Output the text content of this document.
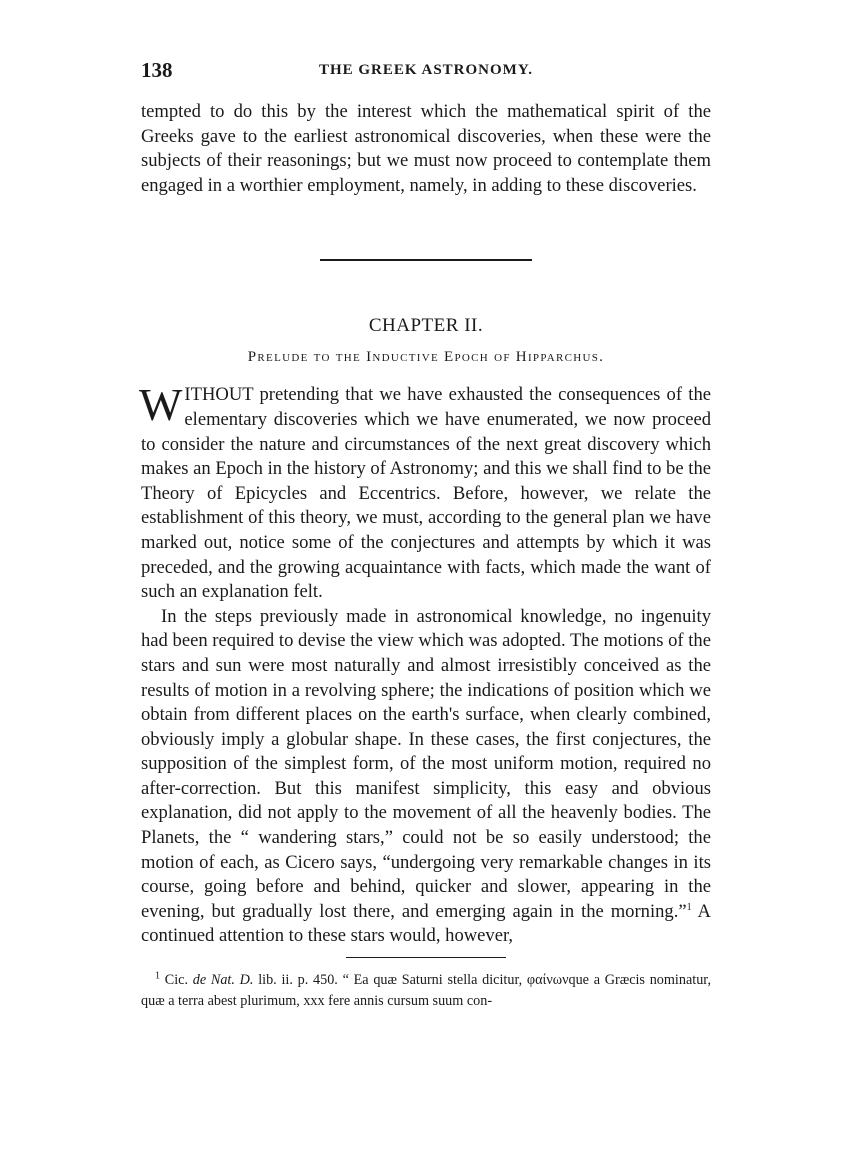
138	THE GREEK ASTRONOMY.

tempted to do this by the interest which the mathematical spirit of the Greeks gave to the earliest astronomical discoveries, when these were the subjects of their reasonings; but we must now proceed to contemplate them engaged in a worthier employment, namely, in adding to these discoveries.

CHAPTER II.
Prelude to the Inductive Epoch of Hipparchus.

WITHOUT pretending that we have exhausted the consequences of the elementary discoveries which we have enumerated, we now proceed to consider the nature and circumstances of the next great discovery which makes an Epoch in the history of Astronomy; and this we shall find to be the Theory of Epicycles and Eccentrics. Before, however, we relate the establishment of this theory, we must, according to the general plan we have marked out, notice some of the conjectures and attempts by which it was preceded, and the growing acquaintance with facts, which made the want of such an explanation felt.

In the steps previously made in astronomical knowledge, no ingenuity had been required to devise the view which was adopted. The motions of the stars and sun were most naturally and almost irresistibly conceived as the results of motion in a revolving sphere; the indications of position which we obtain from different places on the earth's surface, when clearly combined, obviously imply a globular shape. In these cases, the first conjectures, the supposition of the simplest form, of the most uniform motion, required no after-correction. But this manifest simplicity, this easy and obvious explanation, did not apply to the movement of all the heavenly bodies. The Planets, the “ wandering stars,” could not be so easily understood; the motion of each, as Cicero says, “undergoing very remarkable changes in its course, going before and behind, quicker and slower, appearing in the evening, but gradually lost there, and emerging again in the morning.”$^1$ A continued attention to these stars would, however,

$^1$ Cic. de Nat. D. lib. ii. p. 450. “ Ea quæ Saturni stella dicitur, φαίνωνque a Græcis nominatur, quæ a terra abest plurimum, xxx fere annis cursum suum con-
